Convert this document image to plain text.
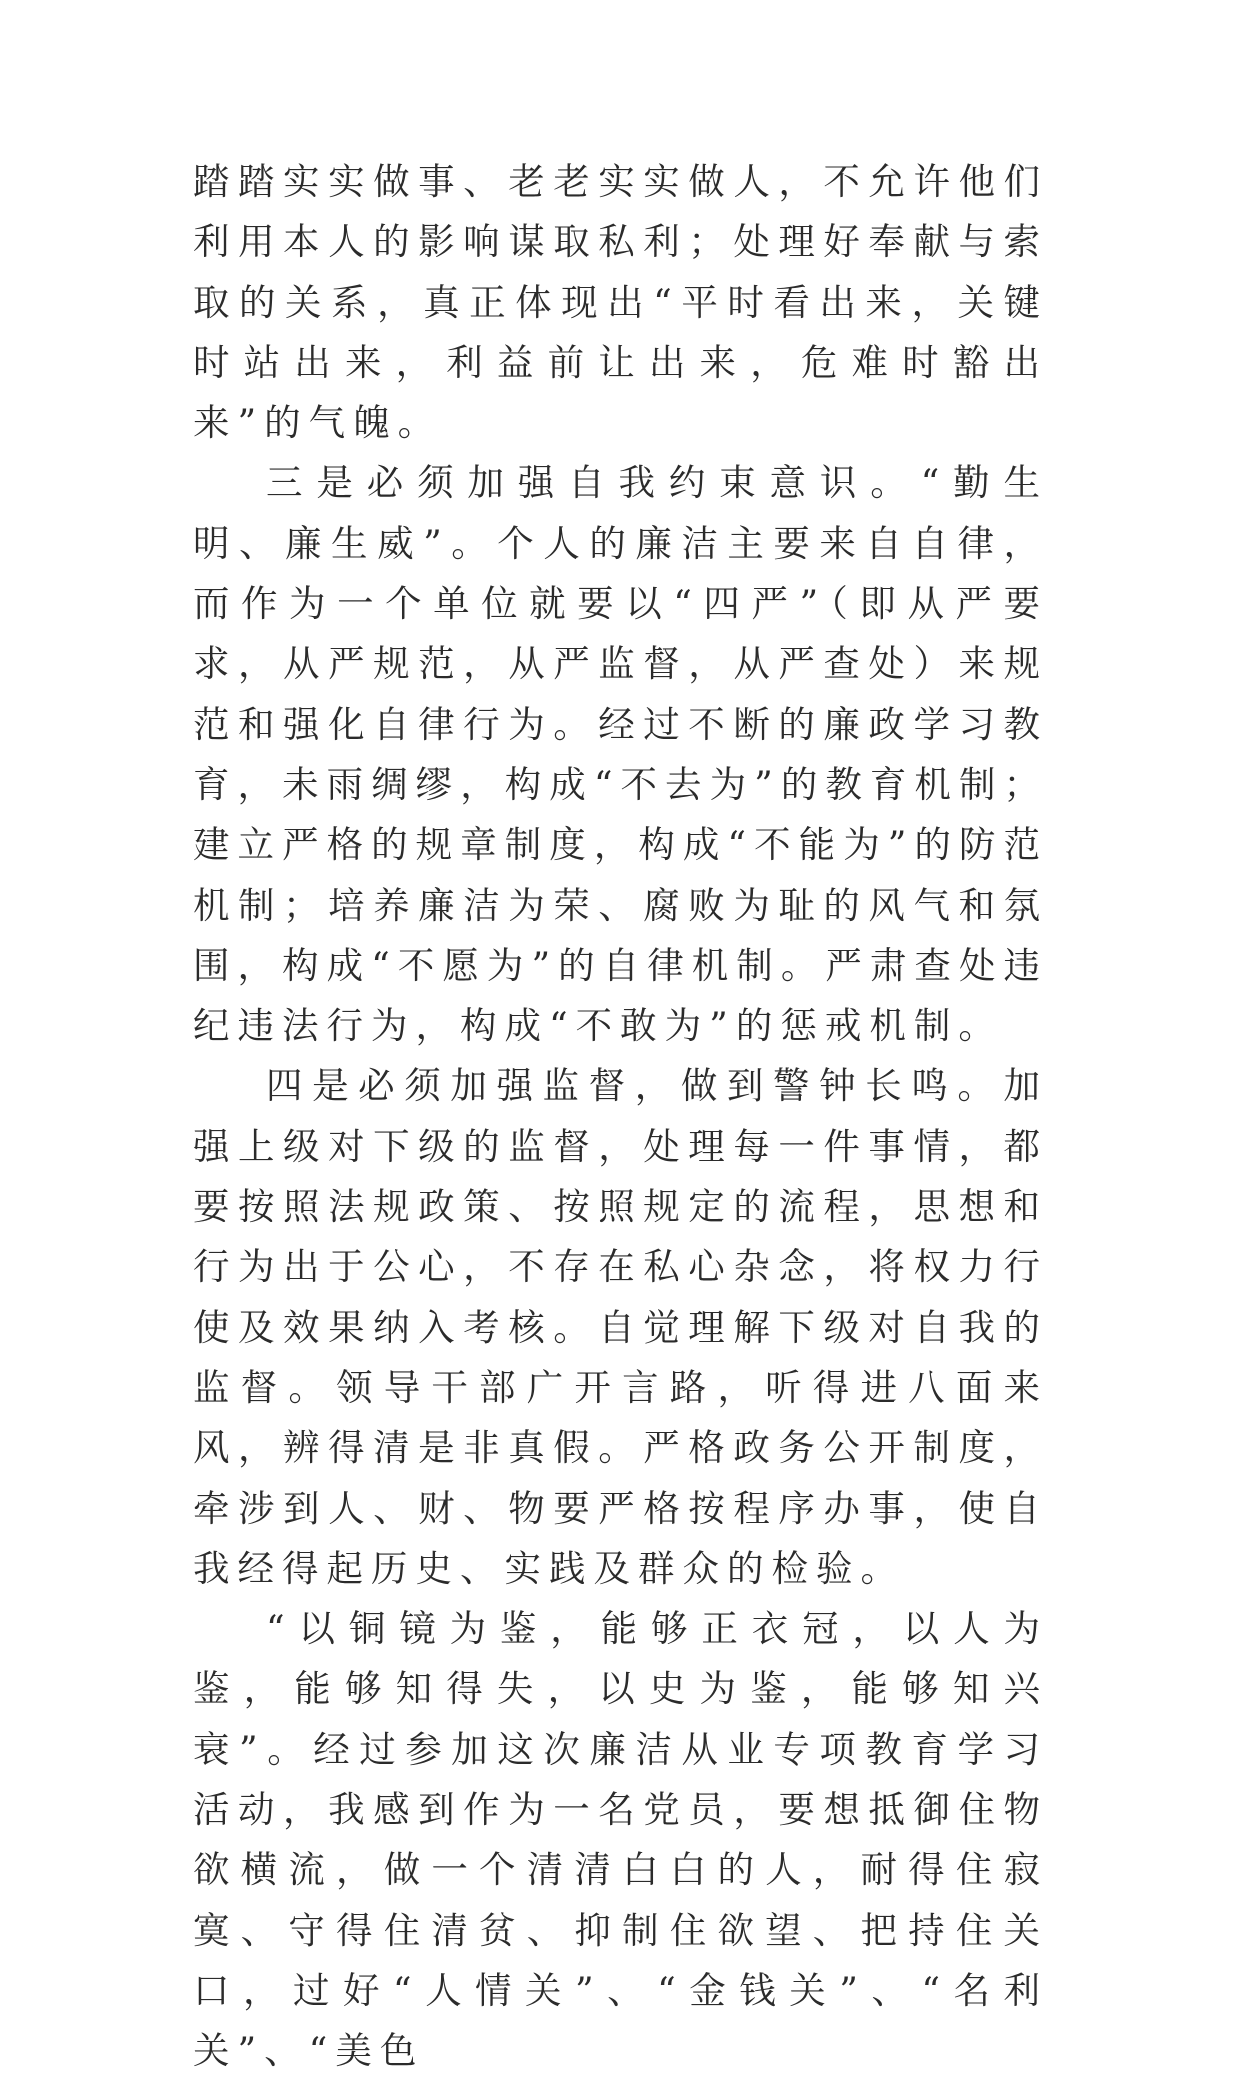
踏踏实实做事、老老实实做人，不允许他们利用本人的影响谋取私利；处理好奉献与索取的关系，真正体现出“平时看出来，关键时站出来，利益前让出来，危难时豁出来”的气魄。

三是必须加强自我约束意识。“勤生明、廉生威”。个人的廉洁主要来自自律，而作为一个单位就要以“四严”（即从严要求，从严规范，从严监督，从严查处）来规范和强化自律行为。经过不断的廉政学习教育，未雨绸缪，构成“不去为”的教育机制；建立严格的规章制度，构成“不能为”的防范机制；培养廉洁为荣、腐败为耻的风气和氛围，构成“不愿为”的自律机制。严肃查处违纪违法行为，构成“不敢为”的惩戒机制。

四是必须加强监督，做到警钟长鸣。加强上级对下级的监督，处理每一件事情，都要按照法规政策、按照规定的流程，思想和行为出于公心，不存在私心杂念，将权力行使及效果纳入考核。自觉理解下级对自我的监督。领导干部广开言路，听得进八面来风，辨得清是非真假。严格政务公开制度，牵涉到人、财、物要严格按程序办事，使自我经得起历史、实践及群众的检验。

“以铜镜为鉴，能够正衣冠，以人为鉴，能够知得失，以史为鉴，能够知兴衰”。经过参加这次廉洁从业专项教育学习活动，我感到作为一名党员，要想抵御住物欲横流，做一个清清白白的人，耐得住寂寞、守得住清贫、抑制住欲望、把持住关口，过好“人情关”、“金钱关”、“名利关”、“美色
